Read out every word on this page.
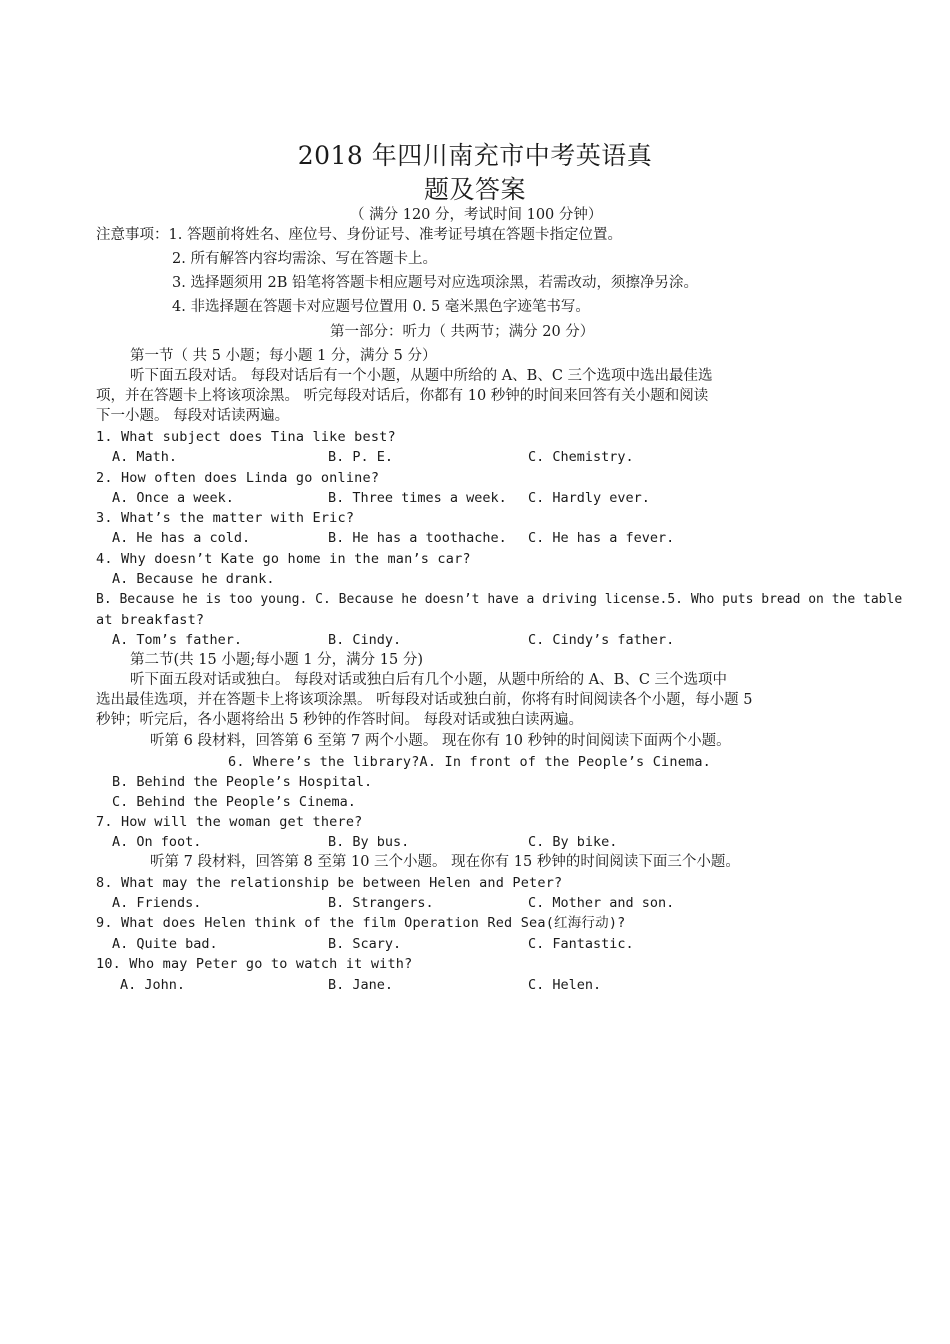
2018 年四川南充市中考英语真
题及答案
（ 满分 120 分，考试时间 100 分钟）
注意事项：1. 答题前将姓名、座位号、身份证号、准考证号填在答题卡指定位置。
2. 所有解答内容均需涂、写在答题卡上。
3. 选择题须用 2B 铅笔将答题卡相应题号对应选项涂黑，若需改动，须擦净另涂。
4. 非选择题在答题卡对应题号位置用 0. 5 毫米黑色字迹笔书写。
第一部分：听力（ 共两节；满分 20 分）
第一节（ 共 5 小题；每小题 1 分，满分 5 分）
听下面五段对话。 每段对话后有一个小题，从题中所给的 A、B、C 三个选项中选出最佳选
项，并在答题卡上将该项涂黑。 听完每段对话后，你都有 10 秒钟的时间来回答有关小题和阅读
下一小题。 每段对话读两遍。
1. What subject does Tina like best?
A. Math.	B. P. E.	C. Chemistry.
2. How often does Linda go online?
A. Once a week.	B. Three times a week. C. Hardly ever.
3. What’s the matter with Eric?
A. He has a cold.	B. He has a toothache. C. He has a fever.
4. Why doesn’t Kate go home in the man’s car?
A. Because he drank.
B. Because he is too young. C. Because he doesn’t have a driving license.5. Who puts bread on the table
at breakfast?
A. Tom’s father.	B. Cindy.	C. Cindy’s father.
第二节(共 15 小题;每小题 1 分，满分 15 分)
听下面五段对话或独白。 每段对话或独白后有几个小题，从题中所给的 A、B、C 三个选项中
选出最佳选项，并在答题卡上将该项涂黑。 听每段对话或独白前，你将有时间阅读各个小题，每小题 5
秒钟；听完后，各小题将给出 5 秒钟的作答时间。 每段对话或独白读两遍。
听第 6 段材料，回答第 6 至第 7 两个小题。 现在你有 10 秒钟的时间阅读下面两个小题。
6. Where’s the library?A. In front of the People’s Cinema.
B. Behind the People’s Hospital.
C. Behind the People’s Cinema.
7. How will the woman get there?
A. On foot.	B. By bus.	C. By bike.
听第 7 段材料，回答第 8 至第 10 三个小题。 现在你有 15 秒钟的时间阅读下面三个小题。
8. What may the relationship be between Helen and Peter?
A. Friends.	B. Strangers.	C. Mother and son.
9. What does Helen think of the film Operation Red Sea(红海行动)?
A. Quite bad.	B. Scary.	C. Fantastic.
10. Who may Peter go to watch it with?
A. John.	B. Jane.	C. Helen.
